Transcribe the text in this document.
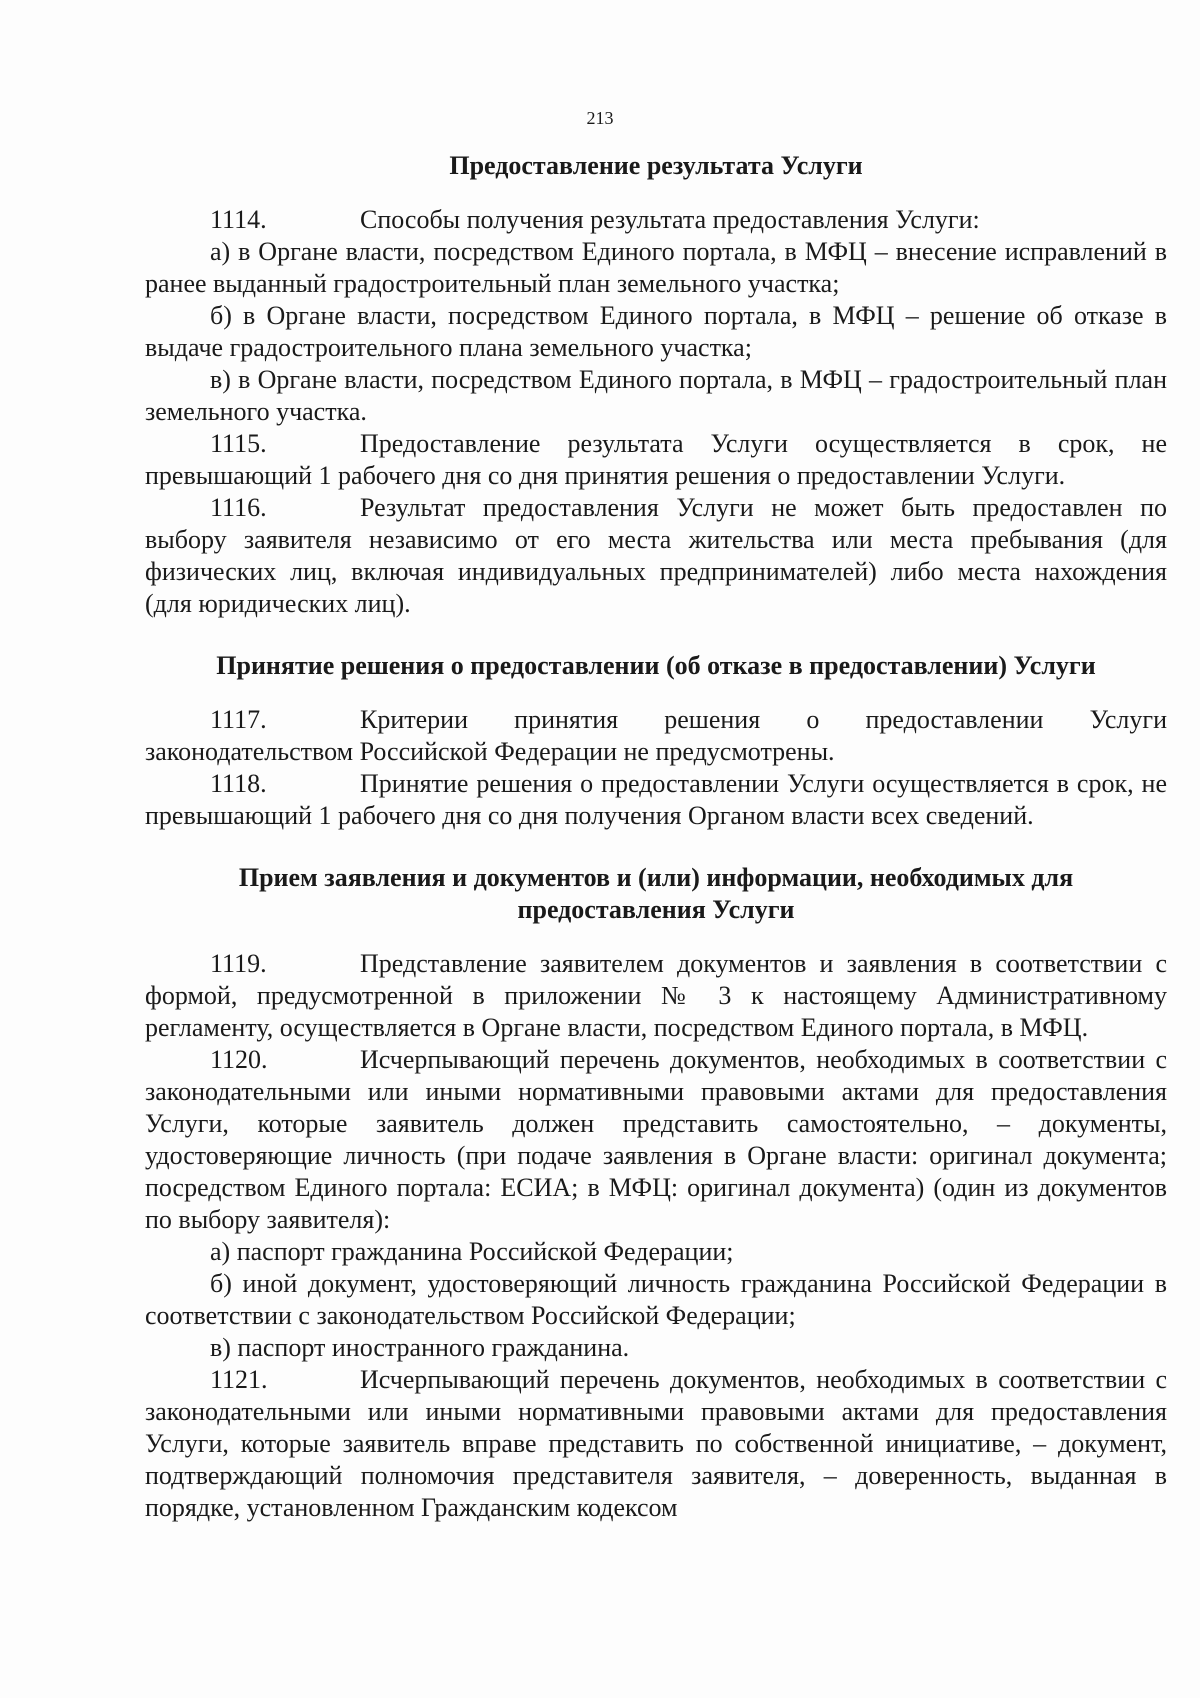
213

Предоставление результата Услуги

1114.	Способы получения результата предоставления Услуги:

а) в Органе власти, посредством Единого портала, в МФЦ – внесение исправлений в ранее выданный градостроительный план земельного участка;

б) в Органе власти, посредством Единого портала, в МФЦ – решение об отказе в выдаче градостроительного плана земельного участка;

в) в Органе власти, посредством Единого портала, в МФЦ – градостроительный план земельного участка.

1115.	Предоставление результата Услуги осуществляется в срок, не превышающий 1 рабочего дня со дня принятия решения о предоставлении Услуги.

1116.	Результат предоставления Услуги не может быть предоставлен по выбору заявителя независимо от его места жительства или места пребывания (для физических лиц, включая индивидуальных предпринимателей) либо места нахождения (для юридических лиц).

Принятие решения о предоставлении (об отказе в предоставлении) Услуги

1117.	Критерии принятия решения о предоставлении Услуги законодательством Российской Федерации не предусмотрены.

1118.	Принятие решения о предоставлении Услуги осуществляется в срок, не превышающий 1 рабочего дня со дня получения Органом власти всех сведений.

Прием заявления и документов и (или) информации, необходимых для предоставления Услуги

1119.	Представление заявителем документов и заявления в соответствии с формой, предусмотренной в приложении № 3 к настоящему Административному регламенту, осуществляется в Органе власти, посредством Единого портала, в МФЦ.

1120.	Исчерпывающий перечень документов, необходимых в соответствии с законодательными или иными нормативными правовыми актами для предоставления Услуги, которые заявитель должен представить самостоятельно, – документы, удостоверяющие личность (при подаче заявления в Органе власти: оригинал документа; посредством Единого портала: ЕСИА; в МФЦ: оригинал документа) (один из документов по выбору заявителя):

а) паспорт гражданина Российской Федерации;

б) иной документ, удостоверяющий личность гражданина Российской Федерации в соответствии с законодательством Российской Федерации;

в) паспорт иностранного гражданина.

1121.	Исчерпывающий перечень документов, необходимых в соответствии с законодательными или иными нормативными правовыми актами для предоставления Услуги, которые заявитель вправе представить по собственной инициативе, – документ, подтверждающий полномочия представителя заявителя, – доверенность, выданная в порядке, установленном Гражданским кодексом
